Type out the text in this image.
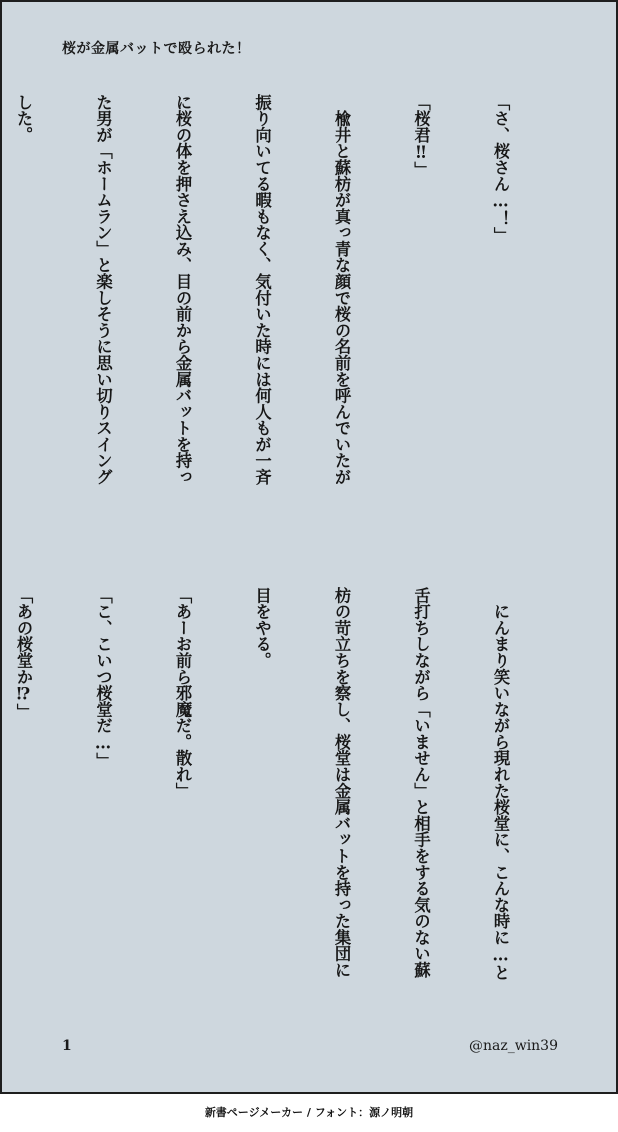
桜が金属バットで殴られた！

「さ、桜さん…！」

「桜君‼︎」

　楡井と蘇枋が真っ青な顔で桜の名前を呼んでいたが

振り向いてる暇もなく、気付いた時には何人もが一斉

に桜の体を押さえ込み、目の前から金属バットを持っ

た男が「ホームラン」と楽しそうに思い切りスイング

した。

　にんまり笑いながら現れた桜堂に、こんな時に…と

舌打ちしながら「いません」と相手をする気のない蘇

枋の苛立ちを察し、桜堂は金属バットを持った集団に

目をやる。

「あーお前ら邪魔だ。散れ」

「こ、こいつ桜堂だ…」

「あの桜堂か⁉︎」

1	@naz_win39
新書ページメーカー / フォント：源ノ明朝
